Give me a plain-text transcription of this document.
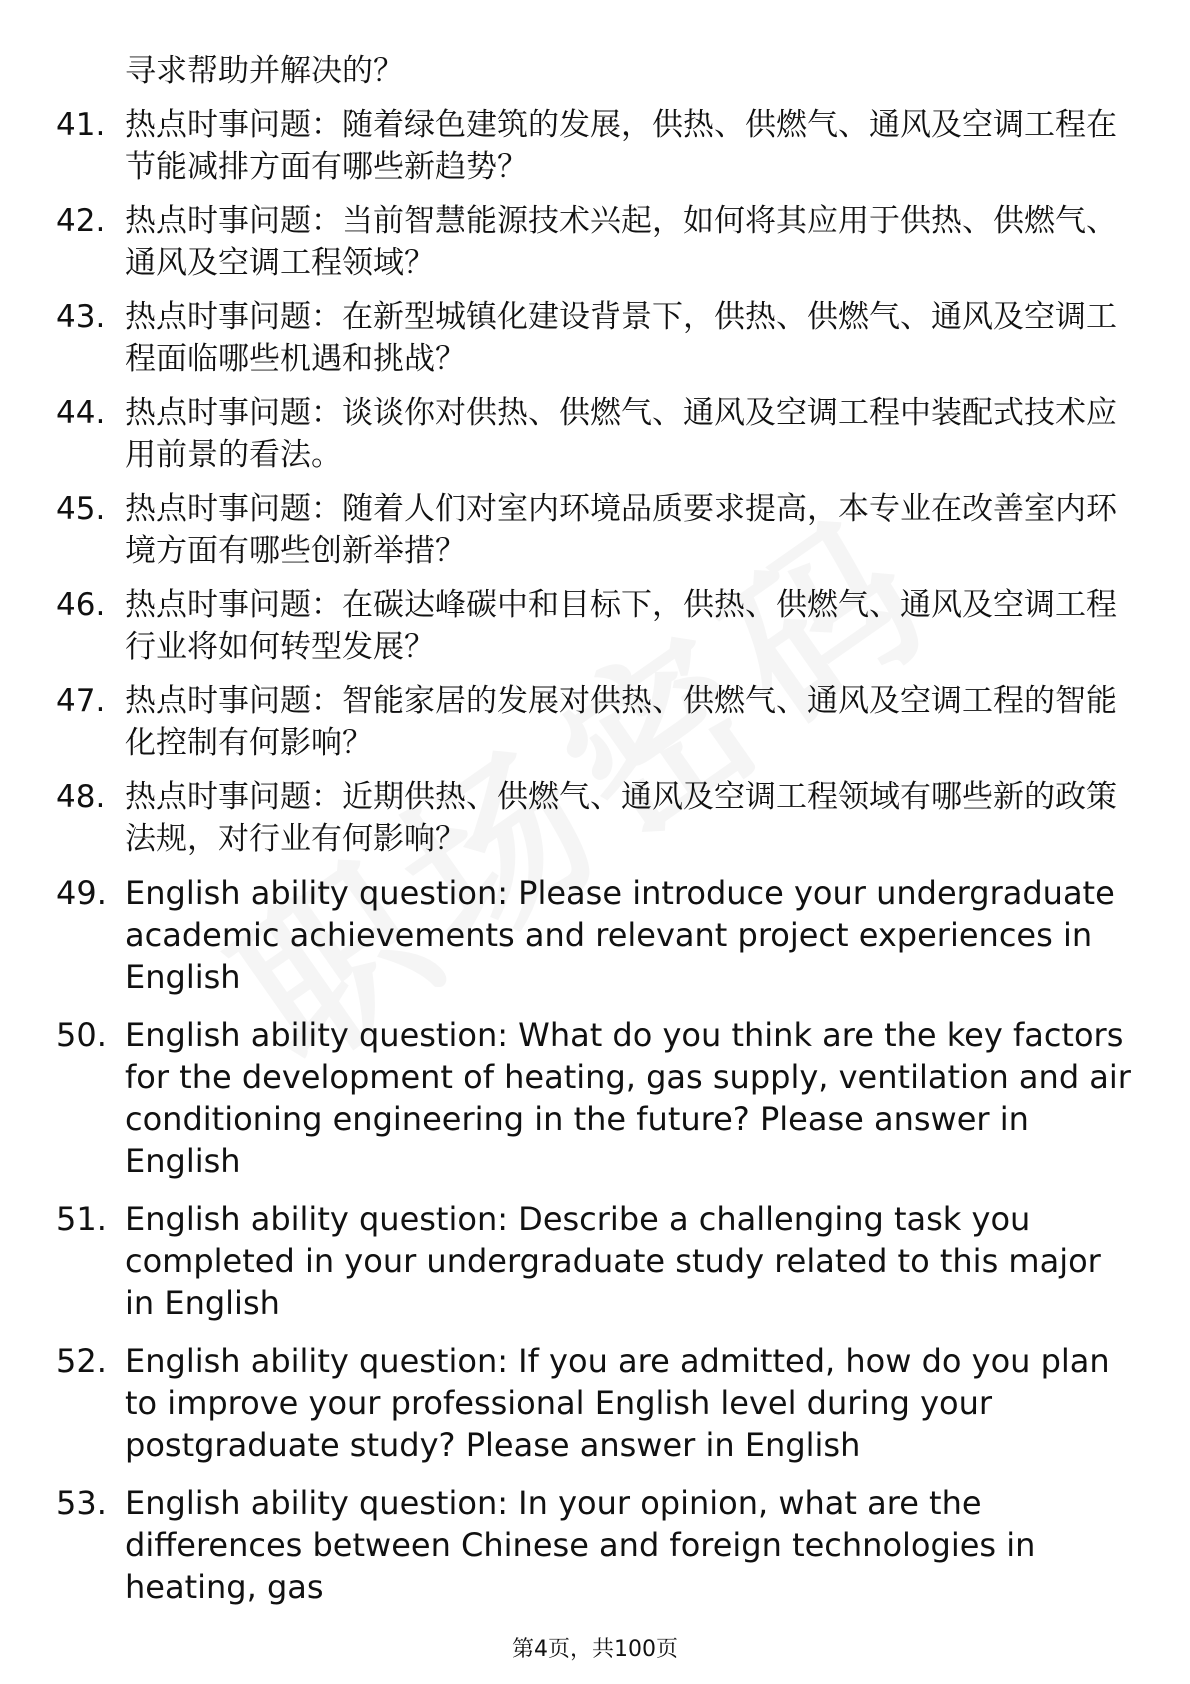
寻求帮助并解决的？
41. 热点时事问题：随着绿色建筑的发展，供热、供燃气、通风及空调工程在节能减排方面有哪些新趋势？
42. 热点时事问题：当前智慧能源技术兴起，如何将其应用于供热、供燃气、通风及空调工程领域？
43. 热点时事问题：在新型城镇化建设背景下，供热、供燃气、通风及空调工程面临哪些机遇和挑战？
44. 热点时事问题：谈谈你对供热、供燃气、通风及空调工程中装配式技术应用前景的看法。
45. 热点时事问题：随着人们对室内环境品质要求提高，本专业在改善室内环境方面有哪些创新举措？
46. 热点时事问题：在碳达峰碳中和目标下，供热、供燃气、通风及空调工程行业将如何转型发展？
47. 热点时事问题：智能家居的发展对供热、供燃气、通风及空调工程的智能化控制有何影响？
48. 热点时事问题：近期供热、供燃气、通风及空调工程领域有哪些新的政策法规，对行业有何影响？
49. English ability question: Please introduce your undergraduate academic achievements and relevant project experiences in English
50. English ability question: What do you think are the key factors for the development of heating, gas supply, ventilation and air conditioning engineering in the future? Please answer in English
51. English ability question: Describe a challenging task you completed in your undergraduate study related to this major in English
52. English ability question: If you are admitted, how do you plan to improve your professional English level during your postgraduate study? Please answer in English
53. English ability question: In your opinion, what are the differences between Chinese and foreign technologies in heating, gas
第4页，共100页
